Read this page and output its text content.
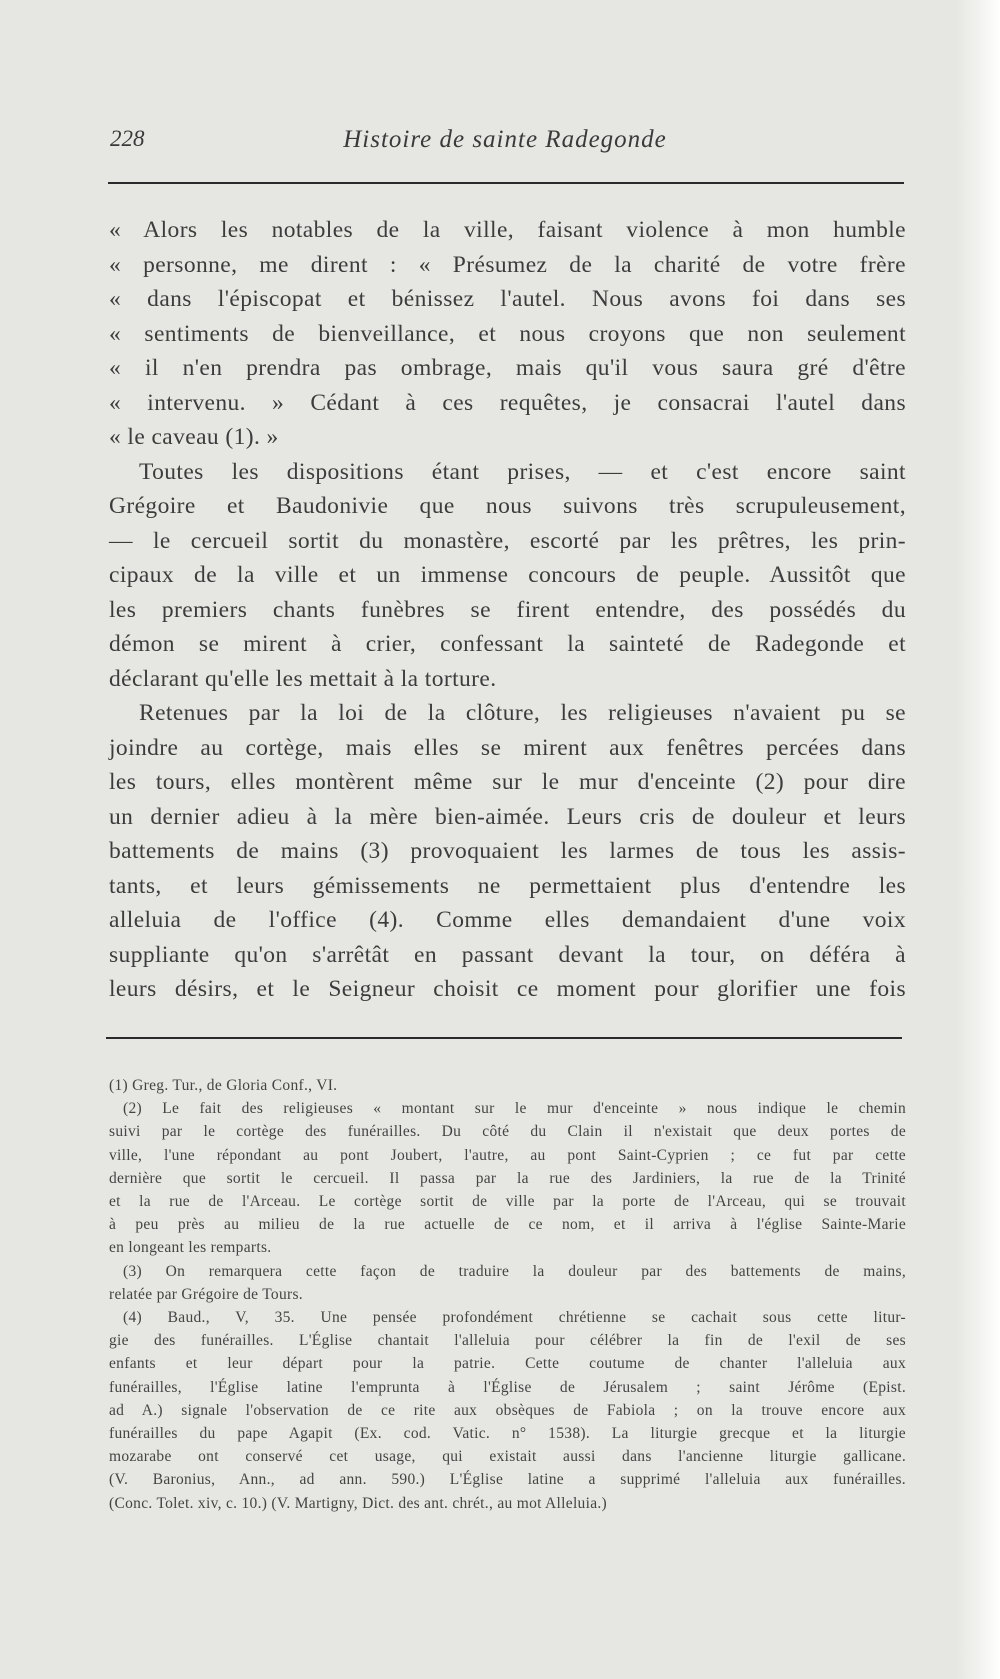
228	Histoire de sainte Radegonde
« Alors les notables de la ville, faisant violence à mon humble
« personne, me dirent : « Présumez de la charité de votre frère
« dans l'épiscopat et bénissez l'autel. Nous avons foi dans ses
« sentiments de bienveillance, et nous croyons que non seulement
« il n'en prendra pas ombrage, mais qu'il vous saura gré d'être
« intervenu. » Cédant à ces requêtes, je consacrai l'autel dans
« le caveau (1). »
Toutes les dispositions étant prises, — et c'est encore saint
Grégoire et Baudonivie que nous suivons très scrupuleusement,
— le cercueil sortit du monastère, escorté par les prêtres, les prin-
cipaux de la ville et un immense concours de peuple. Aussitôt que
les premiers chants funèbres se firent entendre, des possédés du
démon se mirent à crier, confessant la sainteté de Radegonde et
déclarant qu'elle les mettait à la torture.
Retenues par la loi de la clôture, les religieuses n'avaient pu se
joindre au cortège, mais elles se mirent aux fenêtres percées dans
les tours, elles montèrent même sur le mur d'enceinte (2) pour dire
un dernier adieu à la mère bien-aimée. Leurs cris de douleur et leurs
battements de mains (3) provoquaient les larmes de tous les assis-
tants, et leurs gémissements ne permettaient plus d'entendre les
alleluia de l'office (4). Comme elles demandaient d'une voix
suppliante qu'on s'arrêtât en passant devant la tour, on déféra à
leurs désirs, et le Seigneur choisit ce moment pour glorifier une fois
(1) Greg. Tur., de Gloria Conf., VI.
(2) Le fait des religieuses « montant sur le mur d'enceinte » nous indique le chemin
suivi par le cortège des funérailles. Du côté du Clain il n'existait que deux portes de
ville, l'une répondant au pont Joubert, l'autre, au pont Saint-Cyprien ; ce fut par cette
dernière que sortit le cercueil. Il passa par la rue des Jardiniers, la rue de la Trinité
et la rue de l'Arceau. Le cortège sortit de ville par la porte de l'Arceau, qui se trouvait
à peu près au milieu de la rue actuelle de ce nom, et il arriva à l'église Sainte-Marie
en longeant les remparts.
(3) On remarquera cette façon de traduire la douleur par des battements de mains,
relatée par Grégoire de Tours.
(4) Baud., V, 35. Une pensée profondément chrétienne se cachait sous cette litur-
gie des funérailles. L'Église chantait l'alleluia pour célébrer la fin de l'exil de ses
enfants et leur départ pour la patrie. Cette coutume de chanter l'alleluia aux
funérailles, l'Église latine l'emprunta à l'Église de Jérusalem ; saint Jérôme (Epist.
ad A.) signale l'observation de ce rite aux obsèques de Fabiola ; on la trouve encore aux
funérailles du pape Agapit (Ex. cod. Vatic. n° 1538). La liturgie grecque et la liturgie
mozarabe ont conservé cet usage, qui existait aussi dans l'ancienne liturgie gallicane.
(V. Baronius, Ann., ad ann. 590.) L'Église latine a supprimé l'alleluia aux funérailles.
(Conc. Tolet. xiv, c. 10.) (V. Martigny, Dict. des ant. chrét., au mot Alleluia.)
